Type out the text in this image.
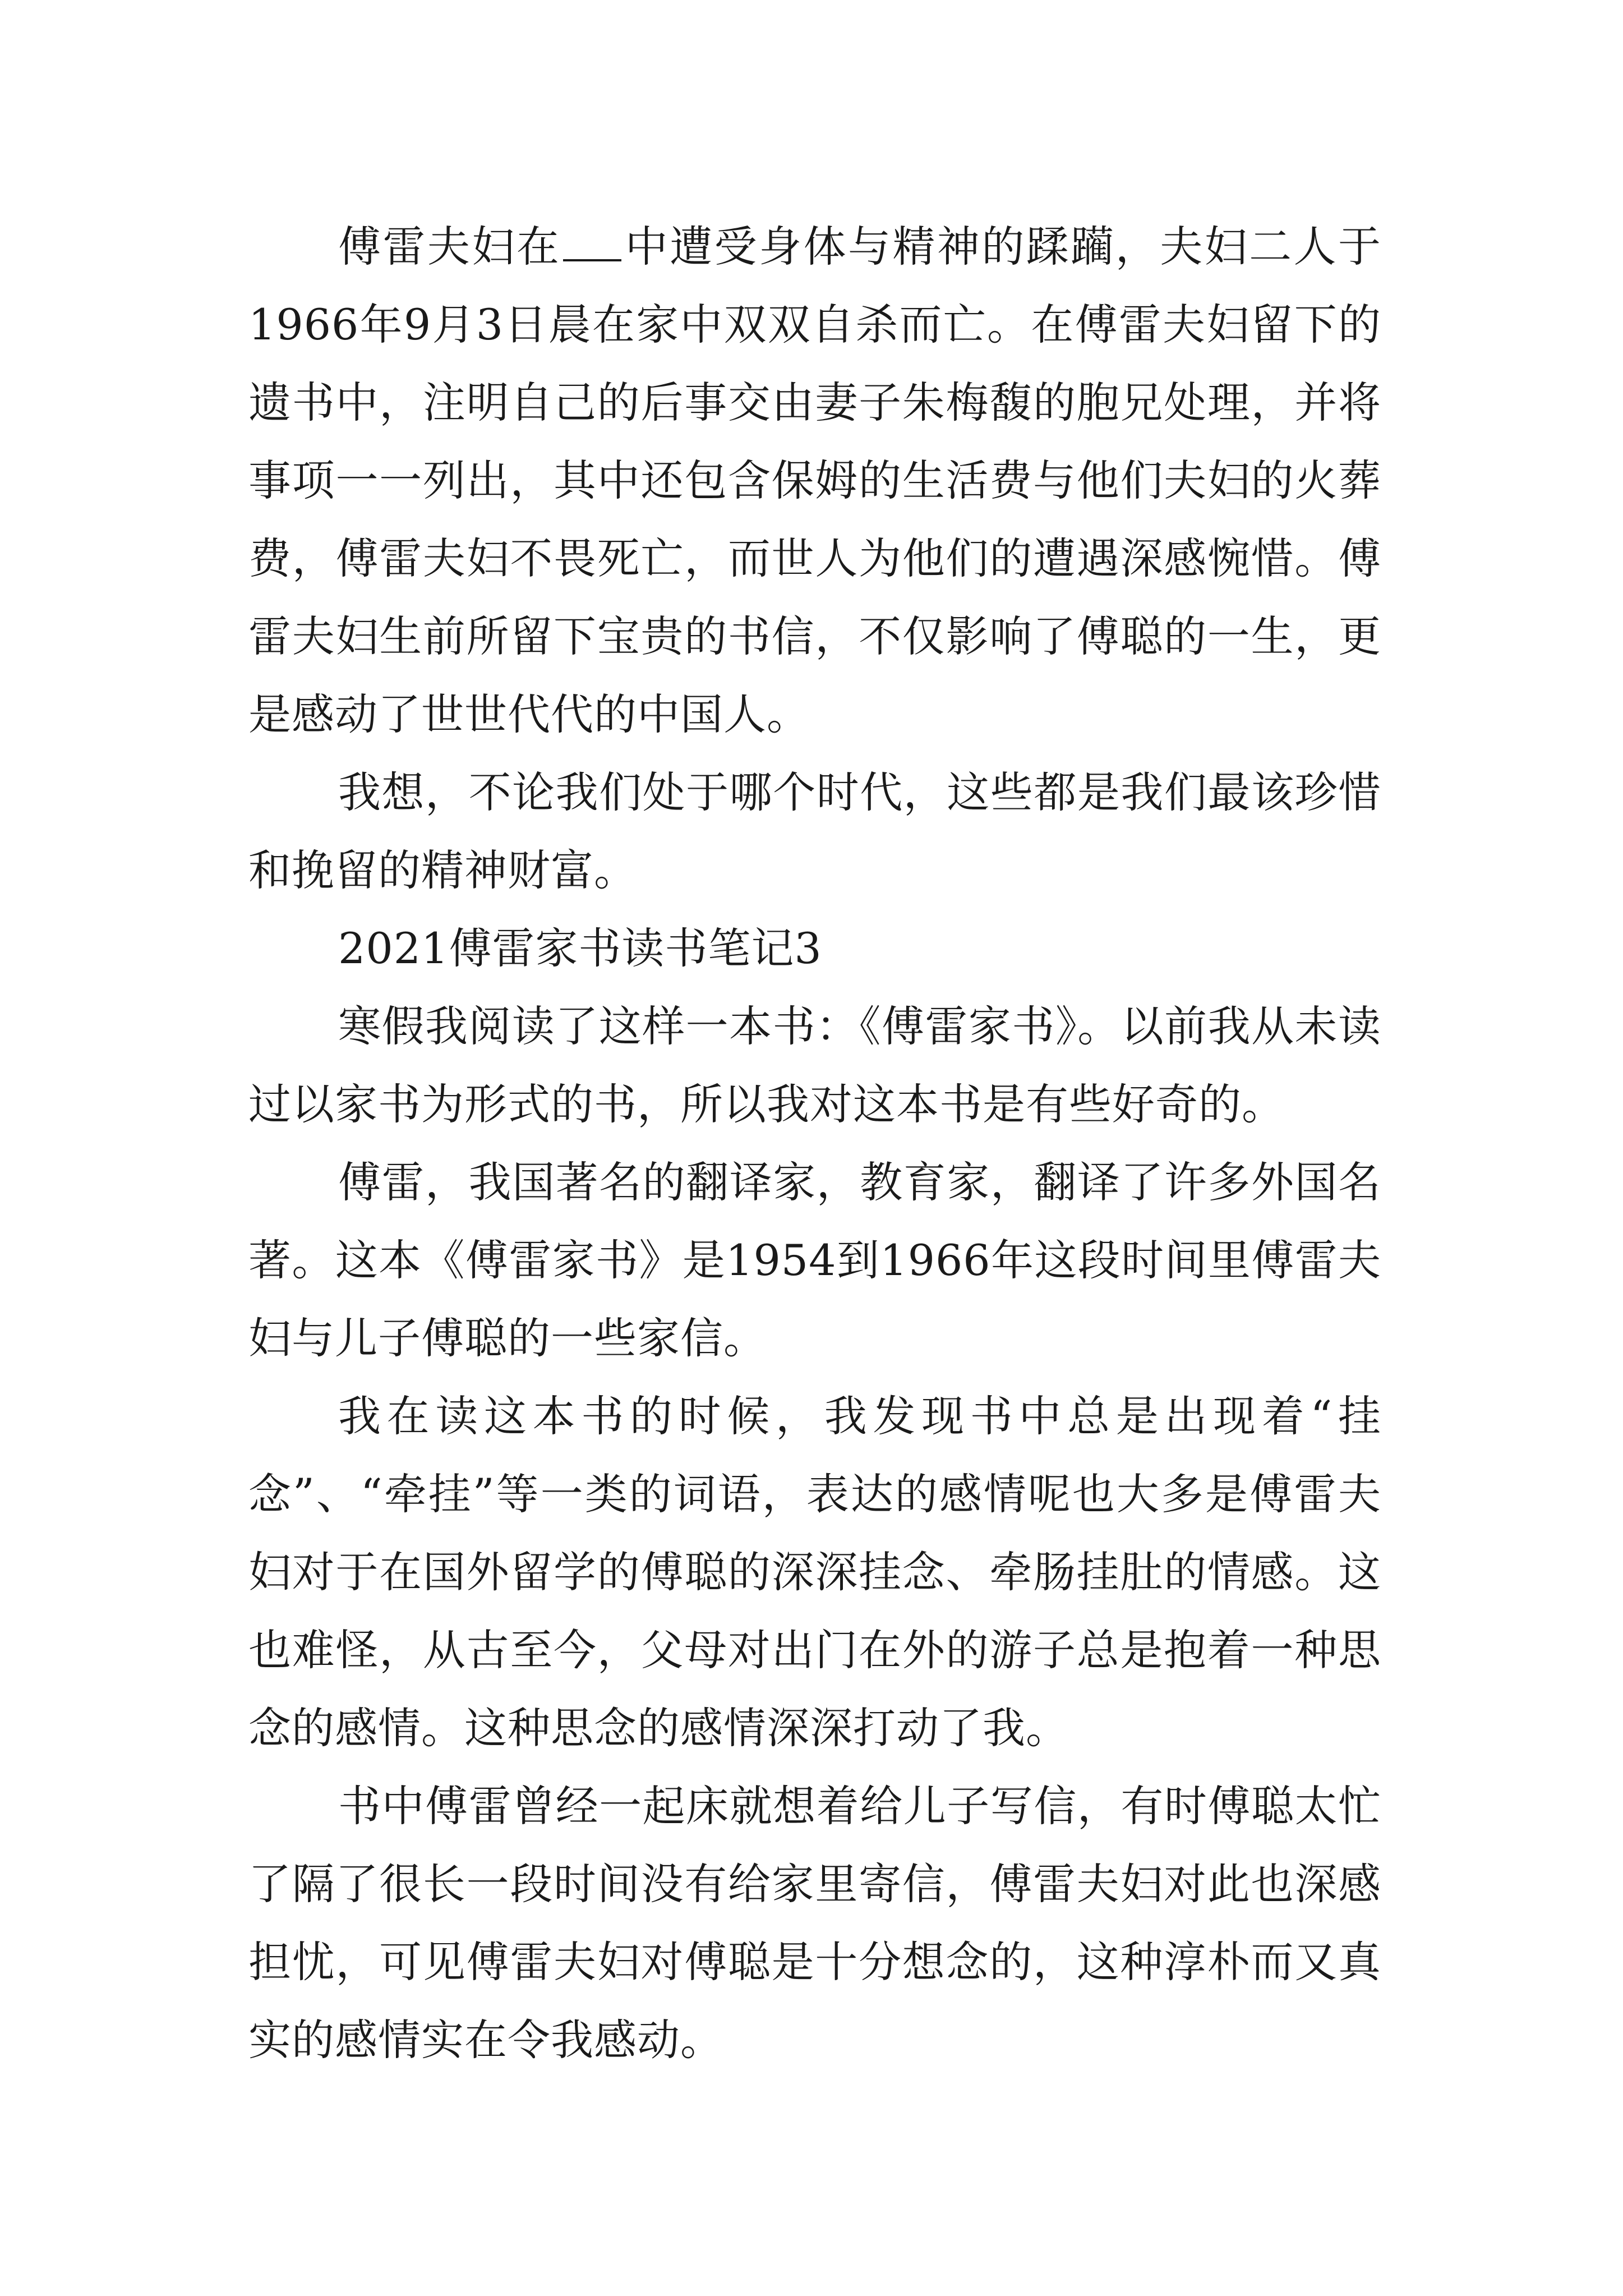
傅雷夫妇在 中遭受身体与精神的蹂躏，夫妇二人于1966年9月3日晨在家中双双自杀而亡。在傅雷夫妇留下的遗书中，注明自己的后事交由妻子朱梅馥的胞兄处理，并将事项一一列出，其中还包含保姆的生活费与他们夫妇的火葬费，傅雷夫妇不畏死亡，而世人为他们的遭遇深感惋惜。傅雷夫妇生前所留下宝贵的书信，不仅影响了傅聪的一生，更是感动了世世代代的中国人。

我想，不论我们处于哪个时代，这些都是我们最该珍惜和挽留的精神财富。

2021傅雷家书读书笔记3

寒假我阅读了这样一本书：《傅雷家书》。以前我从未读过以家书为形式的书，所以我对这本书是有些好奇的。

傅雷，我国著名的翻译家，教育家，翻译了许多外国名著。这本《傅雷家书》是1954到1966年这段时间里傅雷夫妇与儿子傅聪的一些家信。

我在读这本书的时候，我发现书中总是出现着“挂念”、“牵挂”等一类的词语，表达的感情呢也大多是傅雷夫妇对于在国外留学的傅聪的深深挂念、牵肠挂肚的情感。这也难怪，从古至今，父母对出门在外的游子总是抱着一种思念的感情。这种思念的感情深深打动了我。

书中傅雷曾经一起床就想着给儿子写信，有时傅聪太忙了隔了很长一段时间没有给家里寄信，傅雷夫妇对此也深感担忧，可见傅雷夫妇对傅聪是十分想念的，这种淳朴而又真实的感情实在令我感动。
